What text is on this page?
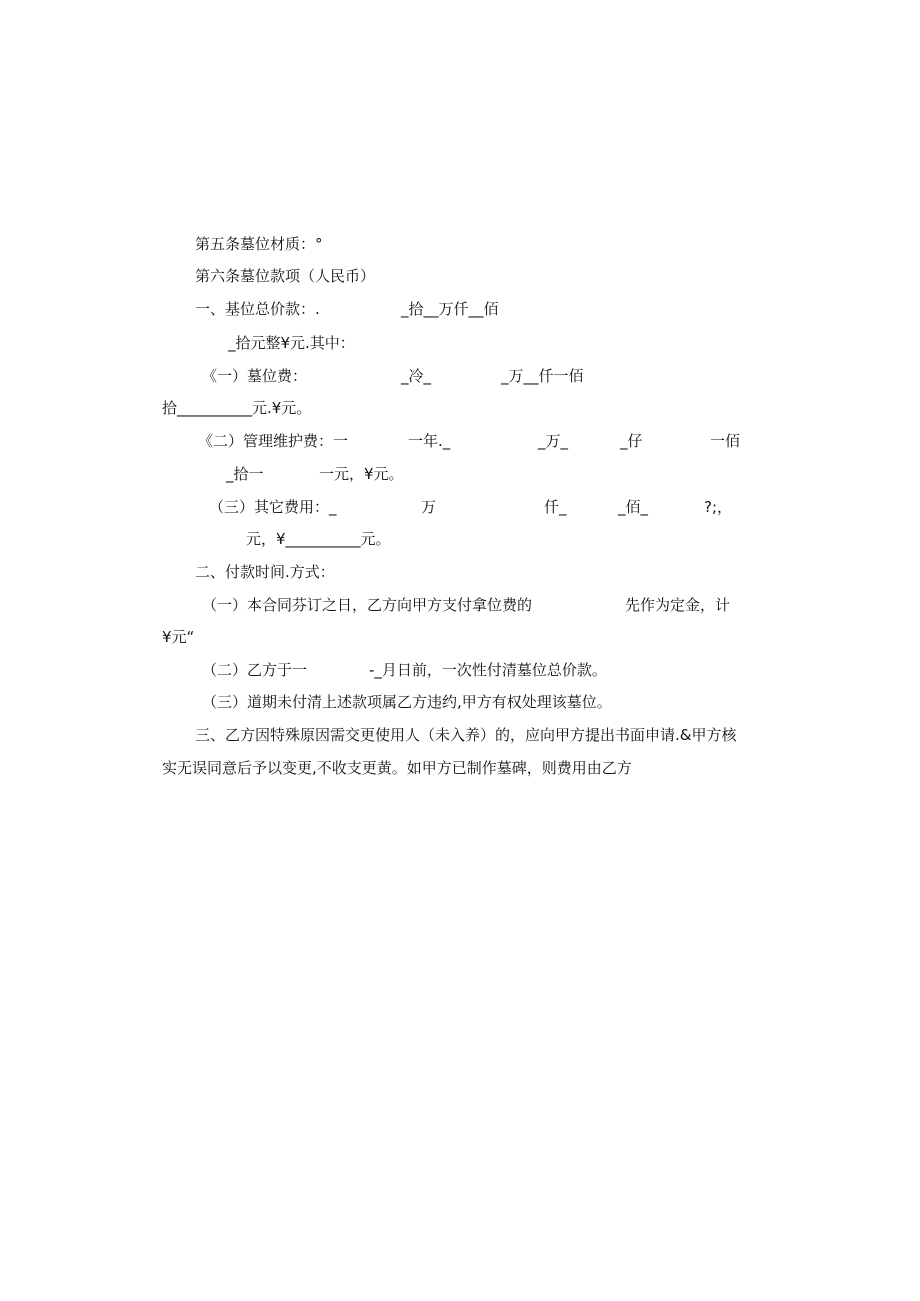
第五条墓位材质：°
第六条墓位款项（人民币）
一、基位总价款：.	_拾__万仟__佰
_拾元整¥元.其中：
《一）墓位费：	_冷_	_万__仟一佰
拾__________元.¥元。
《二）管理维护费：一	一年._	_万_	_仔	一佰
_拾一	一元，¥元。
（三）其它费用：_	万	仟_	_佰_	?;，
元，¥__________元。
二、付款时间.方式：
（一）本合同芬订之日，乙方向甲方支付拿位费的	先作为定金，计
¥元“
（二）乙方于一	-_月日前，一次性付清墓位总价款。
（三）道期未付清上述款项属乙方违约,甲方有权处理该墓位。
三、乙方因特殊原因需交更使用人（未入养）的，应向甲方提出书面申请.&甲方核
实无误同意后予以变更,不收支更黄。如甲方已制作墓碑，则费用由乙方
